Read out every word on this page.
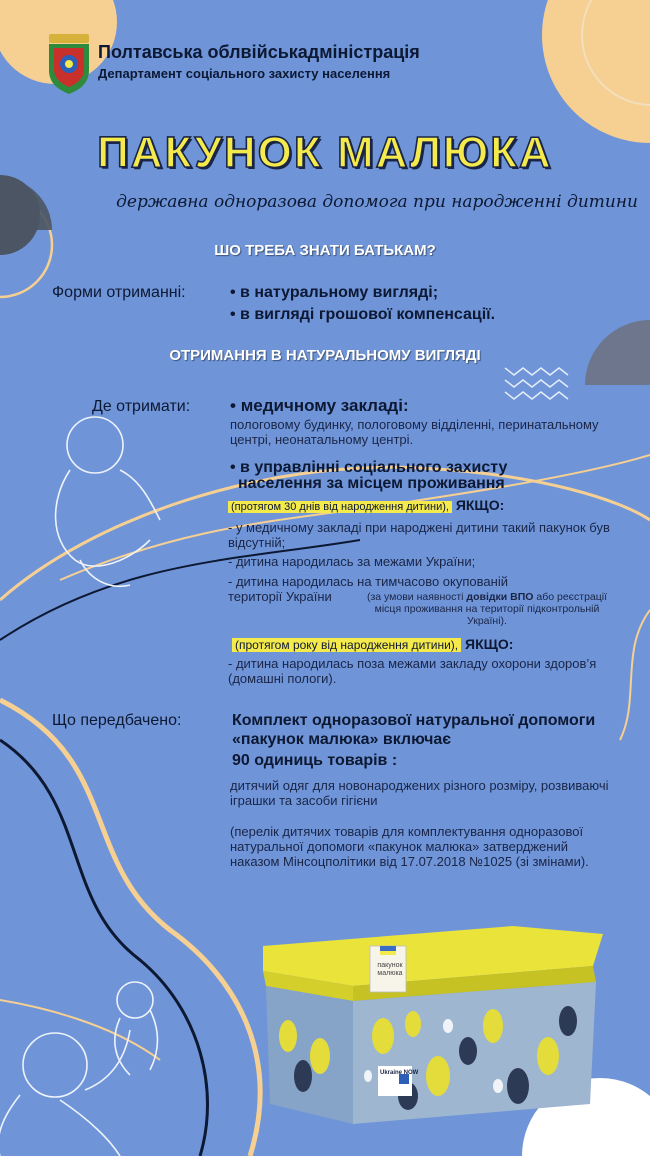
Полтавська облвійськадміністрація
Департамент соціального захисту населення
ПАКУНОК МАЛЮКА
державна одноразова допомога при народженні дитини
ШО ТРЕБА ЗНАТИ БАТЬКАМ?
Форми отриманні:	• в натуральному вигляді;
• в вигляді грошової компенсації.
ОТРИМАННЯ В НАТУРАЛЬНОМУ ВИГЛЯДІ
Де отримати: • медичному закладі:
пологовому будинку, пологовому відділенні, перинатальному центрі, неонатальному центрі.
• в управлінні соціального захисту
населення за місцем проживання
(протягом 30 днів від народження дитини), ЯКЩО:
- у медичному закладі при народжені дитини такий пакунок був відсутній;
- дитина народилась за межами України;
- дитина народилась на тимчасово окупованій
території України	(за умови наявності довідки ВПО або реєстрації місця проживання на території підконтрольній Україні).
(протягом року від народження дитини), ЯКЩО:
- дитина народилась поза межами закладу охорони здоров’я (домашні пологи).
Що передбачено:	Комплект одноразової натуральної допомоги «пакунок малюка» включає
90 одиниць товарів :
дитячий одяг для новонароджених різного розміру, розвиваючі іграшки та засоби гігієни
(перелік дитячих товарів для комплектування одноразової натуральної допомоги «пакунок малюка» затверджений наказом Мінсоцполітики від 17.07.2018 №1025 (зі змінами).
пакунок малюка
Ukraine NOW
